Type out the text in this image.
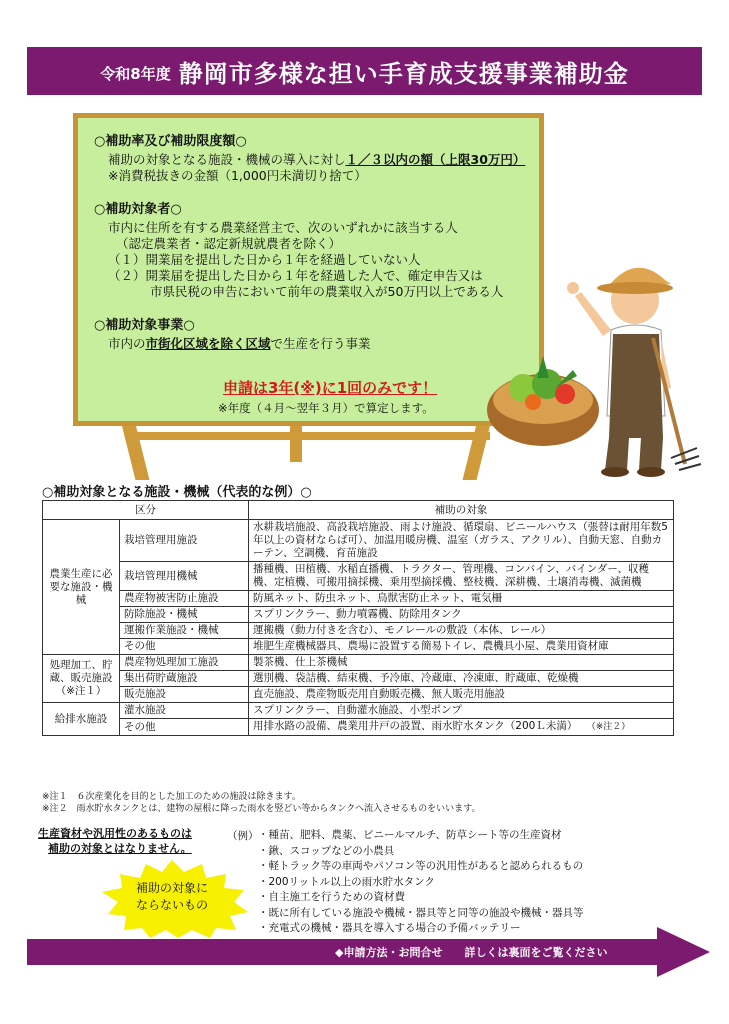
令和8年度 静岡市多様な担い手育成支援事業補助金
○補助率及び補助限度額○
補助の対象となる施設・機械の導入に対し１／３以内の額（上限30万円）
※消費税抜きの金額（1,000円未満切り捨て）
○補助対象者○
市内に住所を有する農業経営主で、次のいずれかに該当する人
（認定農業者・認定新規就農者を除く）
（１）開業届を提出した日から１年を経過していない人
（２）開業届を提出した日から１年を経過した人で、確定申告又は
市県民税の申告において前年の農業収入が50万円以上である人
○補助対象事業○
市内の市街化区域を除く区域で生産を行う事業
申請は3年(※)に1回のみです！
※年度（４月～翌年３月）で算定します。
○補助対象となる施設・機械（代表的な例）○
区分		補助の対象
農業生産に必要な施設・機械	栽培管理用施設	水耕栽培施設、高設栽培施設、雨よけ施設、循環扇、ビニールハウス（張替は耐用年数5年以上の資材ならば可）、加温用暖房機、温室（ガラス、アクリル）、自動天窓、自動カーテン、空調機、育苗施設
	栽培管理用機械	播種機、田植機、水稲直播機、トラクター、管理機、コンバイン、バインダー、収穫機、定植機、可搬用摘採機、乗用型摘採機、整枝機、深耕機、土壌消毒機、滅菌機
	農産物被害防止施設	防風ネット、防虫ネット、鳥獣害防止ネット、電気柵
	防除施設・機械	スプリンクラー、動力噴霧機、防除用タンク
	運搬作業施設・機械	運搬機（動力付きを含む）、モノレールの敷設（本体、レール）
	その他	堆肥生産機械器具、農場に設置する簡易トイレ、農機具小屋、農業用資材庫
処理加工、貯蔵、販売施設（※注１）	農産物処理加工施設	製茶機、仕上茶機械
	集出荷貯蔵施設	選別機、袋詰機、結束機、予冷庫、冷蔵庫、冷凍庫、貯蔵庫、乾燥機
	販売施設	直売施設、農産物販売用自動販売機、無人販売用施設
給排水施設	灌水施設	スプリンクラー、自動灌水施設、小型ポンプ
	その他	用排水路の設備、農業用井戸の設置、雨水貯水タンク（200Ｌ未満） （※注２）
※注１　６次産業化を目的とした加工のための施設は除きます。
※注２　雨水貯水タンクとは、建物の屋根に降った雨水を竪どい等からタンクへ流入させるものをいいます。
生産資材や汎用性のあるものは
補助の対象とはなりません。
補助の対象に
ならないもの
（例） ・種苗、肥料、農薬、ビニールマルチ、防草シート等の生産資材
・鍬、スコップなどの小農具
・軽トラック等の車両やパソコン等の汎用性があると認められるもの
・200リットル以上の雨水貯水タンク
・自主施工を行うための資材費
・既に所有している施設や機械・器具等と同等の施設や機械・器具等
・充電式の機械・器具を導入する場合の予備バッテリー
◆申請方法・お問合せ　　詳しくは裏面をご覧ください
